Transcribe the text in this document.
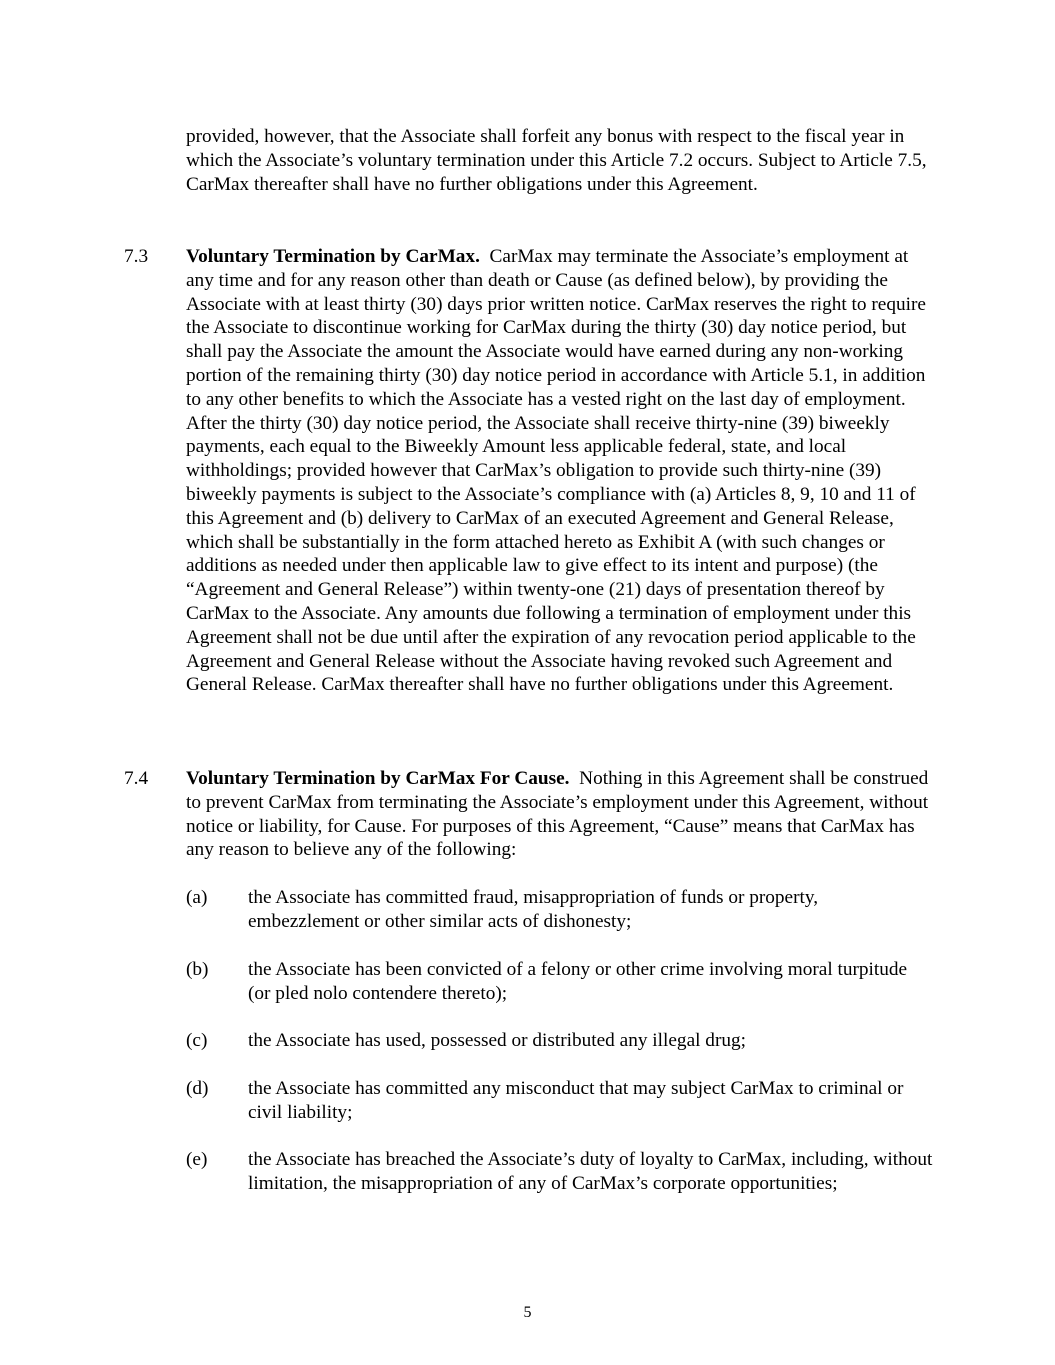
provided, however, that the Associate shall forfeit any bonus with respect to the fiscal year in which the Associate’s voluntary termination under this Article 7.2 occurs. Subject to Article 7.5, CarMax thereafter shall have no further obligations under this Agreement.

7.3 Voluntary Termination by CarMax. CarMax may terminate the Associate’s employment at any time and for any reason other than death or Cause (as defined below), by providing the Associate with at least thirty (30) days prior written notice. CarMax reserves the right to require the Associate to discontinue working for CarMax during the thirty (30) day notice period, but shall pay the Associate the amount the Associate would have earned during any non-working portion of the remaining thirty (30) day notice period in accordance with Article 5.1, in addition to any other benefits to which the Associate has a vested right on the last day of employment. After the thirty (30) day notice period, the Associate shall receive thirty-nine (39) biweekly payments, each equal to the Biweekly Amount less applicable federal, state, and local withholdings; provided however that CarMax’s obligation to provide such thirty-nine (39) biweekly payments is subject to the Associate’s compliance with (a) Articles 8, 9, 10 and 11 of this Agreement and (b) delivery to CarMax of an executed Agreement and General Release, which shall be substantially in the form attached hereto as Exhibit A (with such changes or additions as needed under then applicable law to give effect to its intent and purpose) (the “Agreement and General Release”) within twenty-one (21) days of presentation thereof by CarMax to the Associate. Any amounts due following a termination of employment under this Agreement shall not be due until after the expiration of any revocation period applicable to the Agreement and General Release without the Associate having revoked such Agreement and General Release. CarMax thereafter shall have no further obligations under this Agreement.

7.4 Voluntary Termination by CarMax For Cause. Nothing in this Agreement shall be construed to prevent CarMax from terminating the Associate’s employment under this Agreement, without notice or liability, for Cause. For purposes of this Agreement, “Cause” means that CarMax has any reason to believe any of the following:

(a) the Associate has committed fraud, misappropriation of funds or property, embezzlement or other similar acts of dishonesty;

(b) the Associate has been convicted of a felony or other crime involving moral turpitude (or pled nolo contendere thereto);

(c) the Associate has used, possessed or distributed any illegal drug;

(d) the Associate has committed any misconduct that may subject CarMax to criminal or civil liability;

(e) the Associate has breached the Associate’s duty of loyalty to CarMax, including, without limitation, the misappropriation of any of CarMax’s corporate opportunities;

5
